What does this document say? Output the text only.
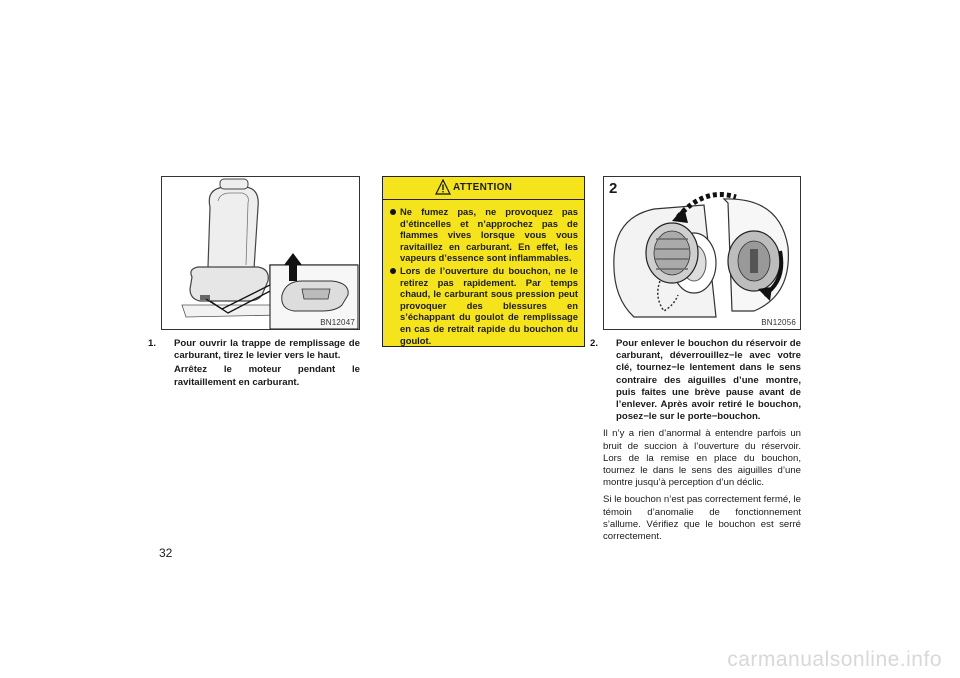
BN12047
1. Pour ouvrir la trappe de remplissage de carburant, tirez le levier vers le haut.
Arrêtez le moteur pendant le ravitaillement en carburant.
ATTENTION
Ne fumez pas, ne provoquez pas d’étincelles et n’approchez pas de flammes vives lorsque vous vous ravitaillez en carburant. En effet, les vapeurs d’essence sont inflammables.
Lors de l’ouverture du bouchon, ne le retirez pas rapidement. Par temps chaud, le carburant sous pression peut provoquer des blessures en s’échappant du goulot de remplissage en cas de retrait rapide du bouchon du goulot.
2
BN12056
2. Pour enlever le bouchon du réservoir de carburant, déverrouillez−le avec votre clé, tournez−le lentement dans le sens contraire des aiguilles d’une montre, puis faites une brève pause avant de l’enlever. Après avoir retiré le bouchon, posez−le sur le porte−bouchon.
Il n’y a rien d’anormal à entendre parfois un bruit de succion à l’ouverture du réservoir. Lors de la remise en place du bouchon, tournez le dans le sens des aiguilles d’une montre jusqu’à perception d’un déclic.
Si le bouchon n’est pas correctement fermé, le témoin d’anomalie de fonctionnement s’allume. Vérifiez que le bouchon est serré correctement.
32
carmanualsonline.info
